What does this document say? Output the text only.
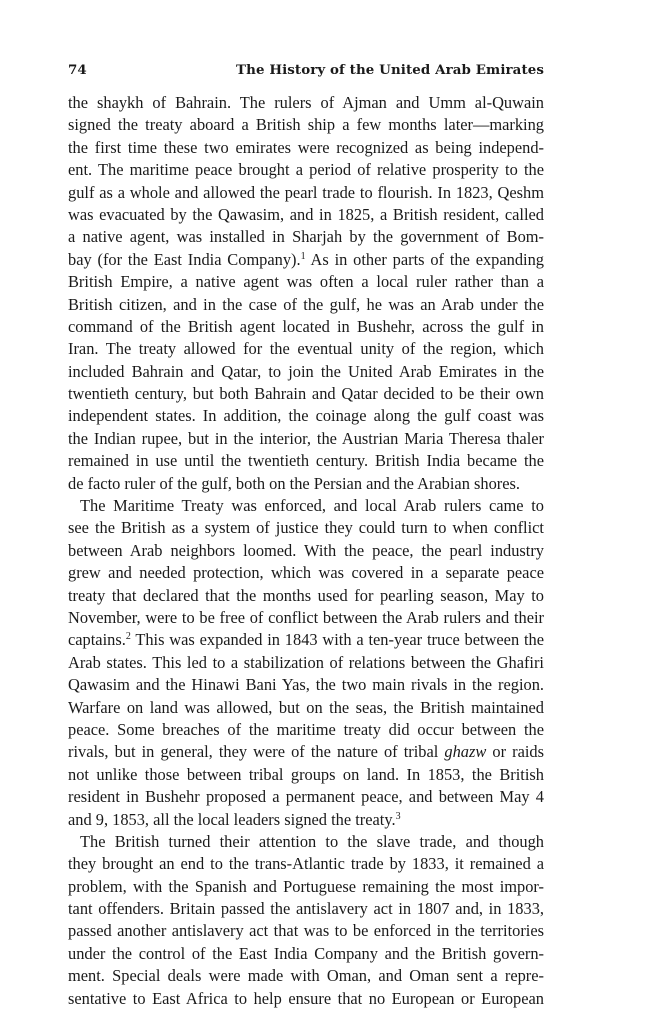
74	The History of the United Arab Emirates
the shaykh of Bahrain. The rulers of Ajman and Umm al-Quwain
signed the treaty aboard a British ship a few months later—marking
the first time these two emirates were recognized as being independ-
ent. The maritime peace brought a period of relative prosperity to the
gulf as a whole and allowed the pearl trade to flourish. In 1823, Qeshm
was evacuated by the Qawasim, and in 1825, a British resident, called
a native agent, was installed in Sharjah by the government of Bom-
bay (for the East India Company).$^1$ As in other parts of the expanding
British Empire, a native agent was often a local ruler rather than a
British citizen, and in the case of the gulf, he was an Arab under the
command of the British agent located in Bushehr, across the gulf in
Iran. The treaty allowed for the eventual unity of the region, which
included Bahrain and Qatar, to join the United Arab Emirates in the
twentieth century, but both Bahrain and Qatar decided to be their own
independent states. In addition, the coinage along the gulf coast was
the Indian rupee, but in the interior, the Austrian Maria Theresa thaler
remained in use until the twentieth century. British India became the
de facto ruler of the gulf, both on the Persian and the Arabian shores.
The Maritime Treaty was enforced, and local Arab rulers came to
see the British as a system of justice they could turn to when conflict
between Arab neighbors loomed. With the peace, the pearl industry
grew and needed protection, which was covered in a separate peace
treaty that declared that the months used for pearling season, May to
November, were to be free of conflict between the Arab rulers and their
captains.$^2$ This was expanded in 1843 with a ten-year truce between the
Arab states. This led to a stabilization of relations between the Ghafiri
Qawasim and the Hinawi Bani Yas, the two main rivals in the region.
Warfare on land was allowed, but on the seas, the British maintained
peace. Some breaches of the maritime treaty did occur between the
rivals, but in general, they were of the nature of tribal ghazw or raids
not unlike those between tribal groups on land. In 1853, the British
resident in Bushehr proposed a permanent peace, and between May 4
and 9, 1853, all the local leaders signed the treaty.$^3$
The British turned their attention to the slave trade, and though
they brought an end to the trans-Atlantic trade by 1833, it remained a
problem, with the Spanish and Portuguese remaining the most impor-
tant offenders. Britain passed the antislavery act in 1807 and, in 1833,
passed another antislavery act that was to be enforced in the territories
under the control of the East India Company and the British govern-
ment. Special deals were made with Oman, and Oman sent a repre-
sentative to East Africa to help ensure that no European or European
